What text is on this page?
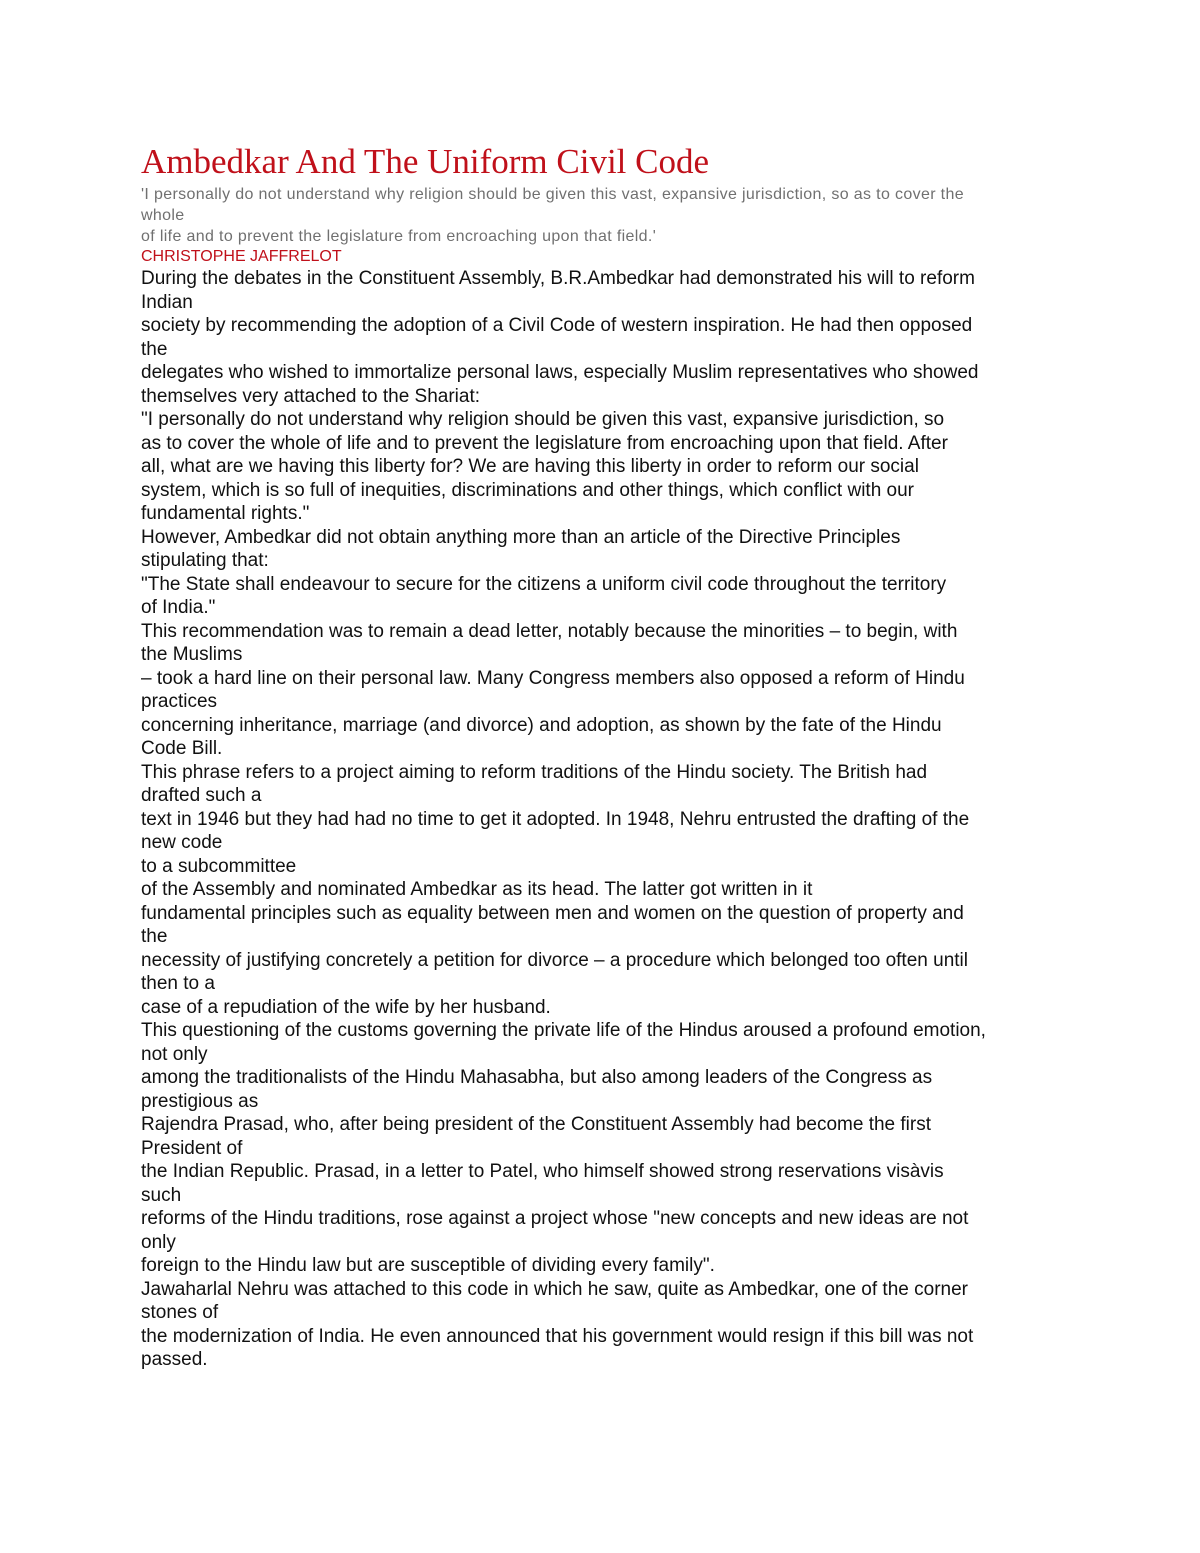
Ambedkar And The Uniform Civil Code
'I personally do not understand why religion should be given this vast, expansive jurisdiction, so as to cover the
whole
of life and to prevent the legislature from encroaching upon that field.'
CHRISTOPHE JAFFRELOT
During the debates in the Constituent Assembly, B.R.Ambedkar had demonstrated his will to reform
Indian
society by recommending the adoption of a Civil Code of western inspiration. He had then opposed
the
delegates who wished to immortalize personal laws, especially Muslim representatives who showed
themselves very attached to the Shariat:
"I personally do not understand why religion should be given this vast, expansive jurisdiction, so
as to cover the whole of life and to prevent the legislature from encroaching upon that field. After
all, what are we having this liberty for? We are having this liberty in order to reform our social
system, which is so full of inequities, discriminations and other things, which conflict with our
fundamental rights."
However, Ambedkar did not obtain anything more than an article of the Directive Principles
stipulating that:
"The State shall endeavour to secure for the citizens a uniform civil code throughout the territory
of India."
This recommendation was to remain a dead letter, notably because the minorities – to begin, with
the Muslims
– took a hard line on their personal law. Many Congress members also opposed a reform of Hindu
practices
concerning inheritance, marriage (and divorce) and adoption, as shown by the fate of the Hindu
Code Bill.
This phrase refers to a project aiming to reform traditions of the Hindu society. The British had
drafted such a
text in 1946 but they had had no time to get it adopted. In 1948, Nehru entrusted the drafting of the
new code
to a subcommittee
of the Assembly and nominated Ambedkar as its head. The latter got written in it
fundamental principles such as equality between men and women on the question of property and
the
necessity of justifying concretely a petition for divorce – a procedure which belonged too often until
then to a
case of a repudiation of the wife by her husband.
This questioning of the customs governing the private life of the Hindus aroused a profound emotion,
not only
among the traditionalists of the Hindu Mahasabha, but also among leaders of the Congress as
prestigious as
Rajendra Prasad, who, after being president of the Constituent Assembly had become the first
President of
the Indian Republic. Prasad, in a letter to Patel, who himself showed strong reservations visàvis
such
reforms of the Hindu traditions, rose against a project whose "new concepts and new ideas are not
only
foreign to the Hindu law but are susceptible of dividing every family".
Jawaharlal Nehru was attached to this code in which he saw, quite as Ambedkar, one of the corner
stones of
the modernization of India. He even announced that his government would resign if this bill was not
passed.
